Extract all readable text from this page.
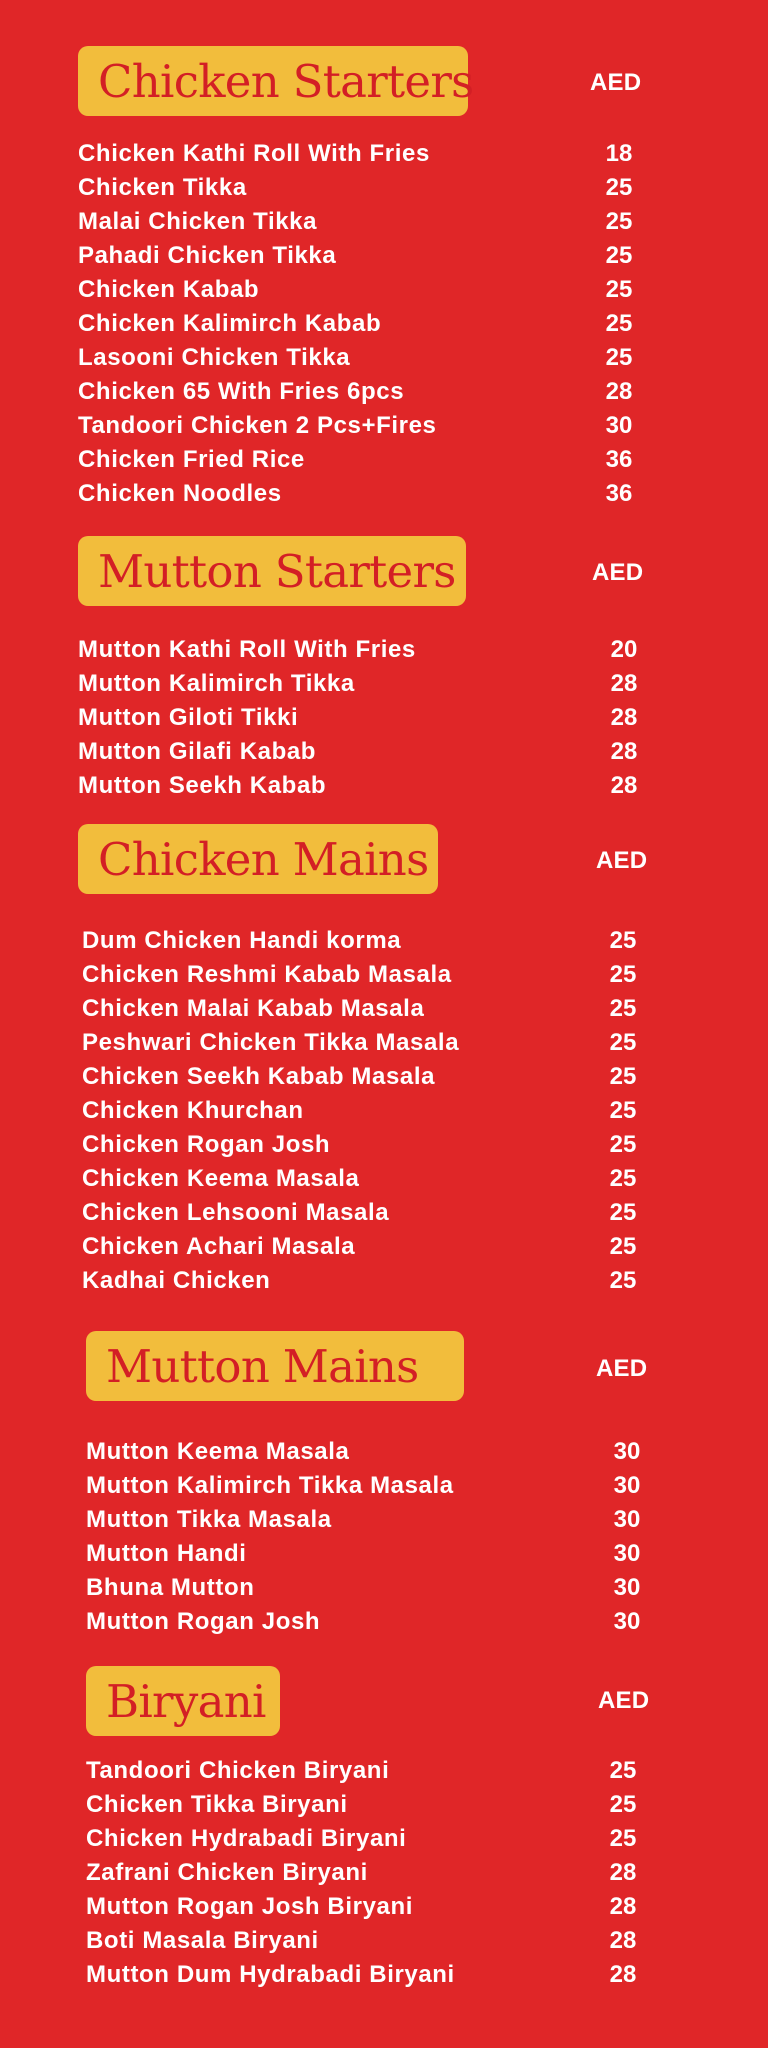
Chicken Starters	AED
Chicken Kathi Roll With Fries	18
Chicken Tikka	25
Malai Chicken Tikka	25
Pahadi Chicken Tikka	25
Chicken Kabab	25
Chicken Kalimirch Kabab	25
Lasooni Chicken Tikka	25
Chicken 65 With Fries 6pcs	28
Tandoori Chicken 2 Pcs+Fires	30
Chicken Fried Rice	36
Chicken Noodles	36
Mutton Starters	AED
Mutton Kathi Roll With Fries	20
Mutton Kalimirch Tikka	28
Mutton Giloti Tikki	28
Mutton Gilafi Kabab	28
Mutton Seekh Kabab	28
Chicken Mains	AED
Dum Chicken Handi korma	25
Chicken Reshmi Kabab Masala	25
Chicken Malai Kabab Masala	25
Peshwari Chicken Tikka Masala	25
Chicken Seekh Kabab Masala	25
Chicken Khurchan	25
Chicken Rogan Josh	25
Chicken Keema Masala	25
Chicken Lehsooni Masala	25
Chicken Achari Masala	25
Kadhai Chicken	25
Mutton Mains	AED
Mutton Keema Masala	30
Mutton Kalimirch Tikka Masala	30
Mutton Tikka Masala	30
Mutton Handi	30
Bhuna Mutton	30
Mutton Rogan Josh	30
Biryani	AED
Tandoori Chicken Biryani	25
Chicken Tikka Biryani	25
Chicken Hydrabadi Biryani	25
Zafrani Chicken Biryani	28
Mutton Rogan Josh Biryani	28
Boti Masala Biryani	28
Mutton Dum Hydrabadi Biryani	28
